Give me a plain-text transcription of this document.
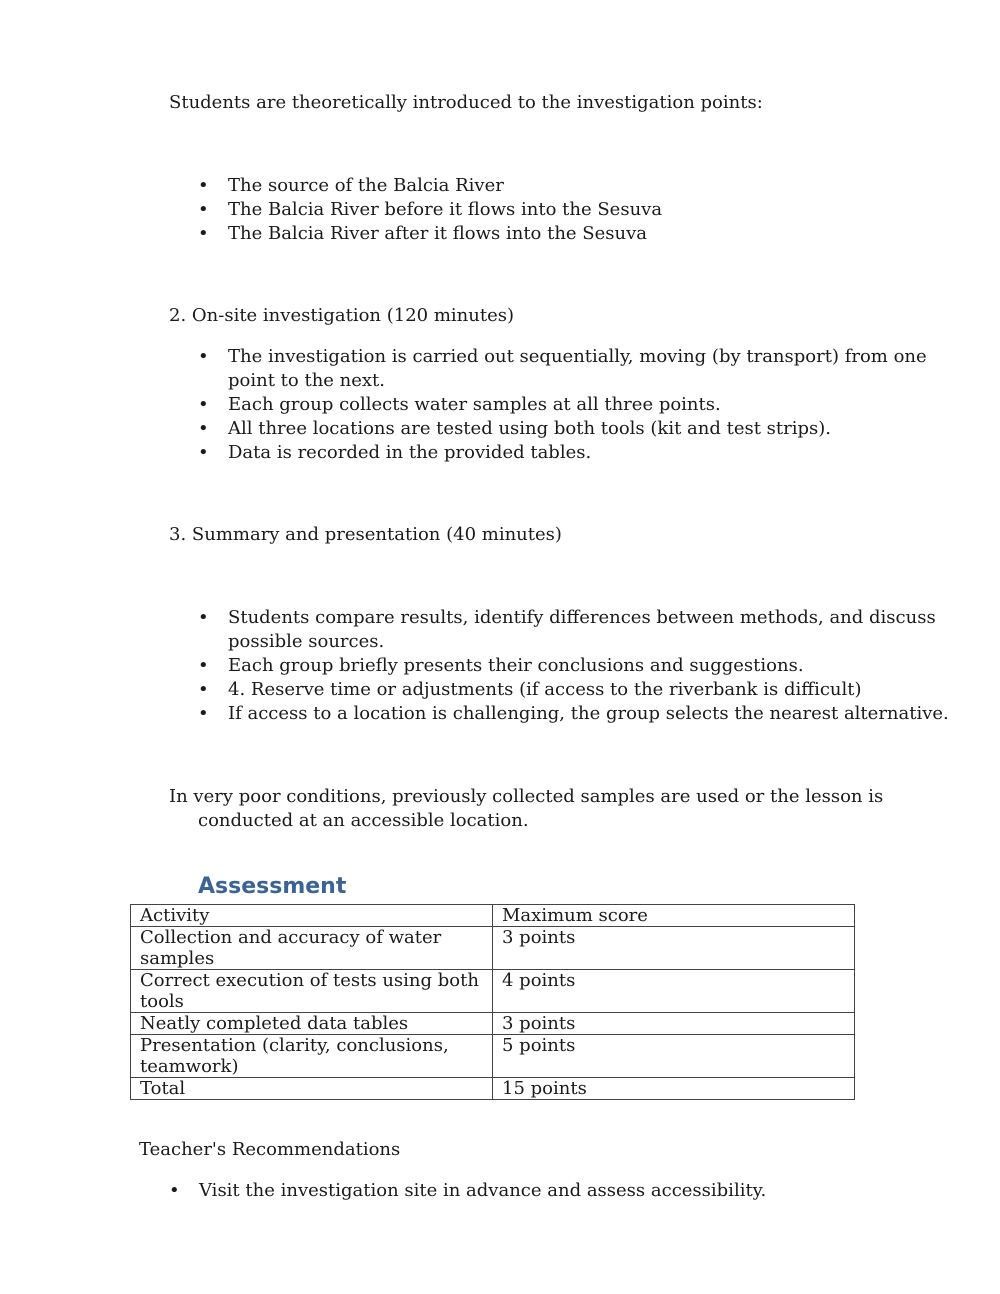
Students are theoretically introduced to the investigation points:

• The source of the Balcia River
• The Balcia River before it flows into the Sesuva
• The Balcia River after it flows into the Sesuva

2. On-site investigation (120 minutes)

• The investigation is carried out sequentially, moving (by transport) from one point to the next.
• Each group collects water samples at all three points.
• All three locations are tested using both tools (kit and test strips).
• Data is recorded in the provided tables.

3. Summary and presentation (40 minutes)

• Students compare results, identify differences between methods, and discuss possible sources.
• Each group briefly presents their conclusions and suggestions.
• 4. Reserve time or adjustments (if access to the riverbank is difficult)
• If access to a location is challenging, the group selects the nearest alternative.

In very poor conditions, previously collected samples are used or the lesson is
conducted at an accessible location.

Assessment
Activity	Maximum score
Collection and accuracy of water samples	3 points
Correct execution of tests using both tools	4 points
Neatly completed data tables	3 points
Presentation (clarity, conclusions, teamwork)	5 points
Total	15 points

Teacher's Recommendations

• Visit the investigation site in advance and assess accessibility.
